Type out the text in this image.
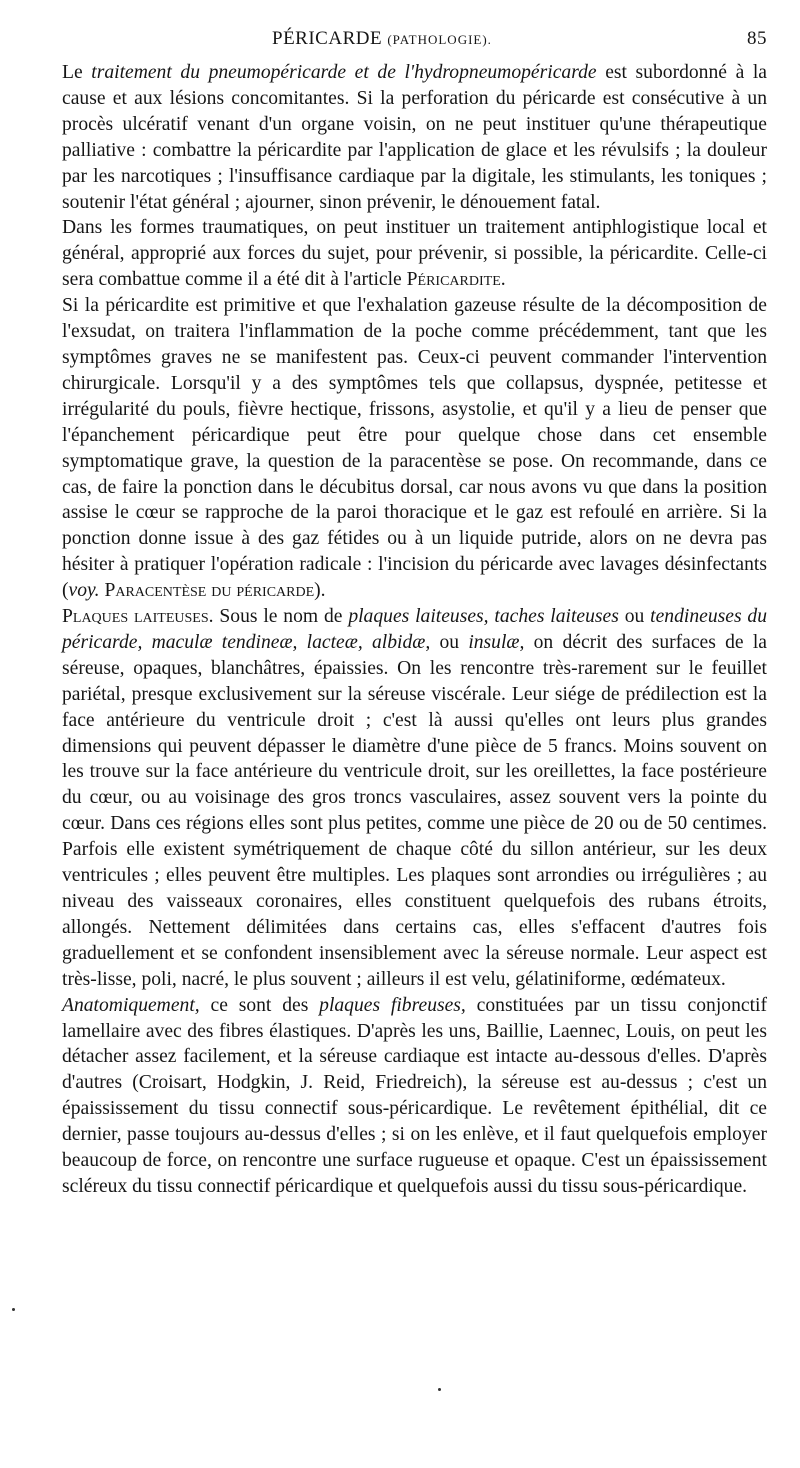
PÉRICARDE (PATHOLOGIE).	85

Le traitement du pneumopéricarde et de l'hydropneumopéricarde est subordonné à la cause et aux lésions concomitantes. Si la perforation du péricarde est consécutive à un procès ulcératif venant d'un organe voisin, on ne peut instituer qu'une thérapeutique palliative : combattre la péricardite par l'application de glace et les révulsifs ; la douleur par les narcotiques ; l'insuffisance cardiaque par la digitale, les stimulants, les toniques ; soutenir l'état général ; ajourner, sinon prévenir, le dénouement fatal.

Dans les formes traumatiques, on peut instituer un traitement antiphlogistique local et général, approprié aux forces du sujet, pour prévenir, si possible, la péricardite. Celle-ci sera combattue comme il a été dit à l'article Péricardite.

Si la péricardite est primitive et que l'exhalation gazeuse résulte de la décomposition de l'exsudat, on traitera l'inflammation de la poche comme précédemment, tant que les symptômes graves ne se manifestent pas. Ceux-ci peuvent commander l'intervention chirurgicale. Lorsqu'il y a des symptômes tels que collapsus, dyspnée, petitesse et irrégularité du pouls, fièvre hectique, frissons, asystolie, et qu'il y a lieu de penser que l'épanchement péricardique peut être pour quelque chose dans cet ensemble symptomatique grave, la question de la paracentèse se pose. On recommande, dans ce cas, de faire la ponction dans le décubitus dorsal, car nous avons vu que dans la position assise le cœur se rapproche de la paroi thoracique et le gaz est refoulé en arrière. Si la ponction donne issue à des gaz fétides ou à un liquide putride, alors on ne devra pas hésiter à pratiquer l'opération radicale : l'incision du péricarde avec lavages désinfectants (voy. Paracentèse du péricarde).

Plaques laiteuses. Sous le nom de plaques laiteuses, taches laiteuses ou tendineuses du péricarde, maculæ tendineæ, lacteæ, albidæ, ou insulæ, on décrit des surfaces de la séreuse, opaques, blanchâtres, épaissies. On les rencontre très-rarement sur le feuillet pariétal, presque exclusivement sur la séreuse viscérale. Leur siége de prédilection est la face antérieure du ventricule droit ; c'est là aussi qu'elles ont leurs plus grandes dimensions qui peuvent dépasser le diamètre d'une pièce de 5 francs. Moins souvent on les trouve sur la face antérieure du ventricule droit, sur les oreillettes, la face postérieure du cœur, ou au voisinage des gros troncs vasculaires, assez souvent vers la pointe du cœur. Dans ces régions elles sont plus petites, comme une pièce de 20 ou de 50 centimes. Parfois elle existent symétriquement de chaque côté du sillon antérieur, sur les deux ventricules ; elles peuvent être multiples. Les plaques sont arrondies ou irrégulières ; au niveau des vaisseaux coronaires, elles constituent quelquefois des rubans étroits, allongés. Nettement délimitées dans certains cas, elles s'effacent d'autres fois graduellement et se confondent insensiblement avec la séreuse normale. Leur aspect est très-lisse, poli, nacré, le plus souvent ; ailleurs il est velu, gélatiniforme, œdémateux.

Anatomiquement, ce sont des plaques fibreuses, constituées par un tissu conjonctif lamellaire avec des fibres élastiques. D'après les uns, Baillie, Laennec, Louis, on peut les détacher assez facilement, et la séreuse cardiaque est intacte au-dessous d'elles. D'après d'autres (Croisart, Hodgkin, J. Reid, Friedreich), la séreuse est au-dessus ; c'est un épaississement du tissu connectif sous-péricardique. Le revêtement épithélial, dit ce dernier, passe toujours au-dessus d'elles ; si on les enlève, et il faut quelquefois employer beaucoup de force, on rencontre une surface rugueuse et opaque. C'est un épaississement scléreux du tissu connectif péricardique et quelquefois aussi du tissu sous-péricardique.
